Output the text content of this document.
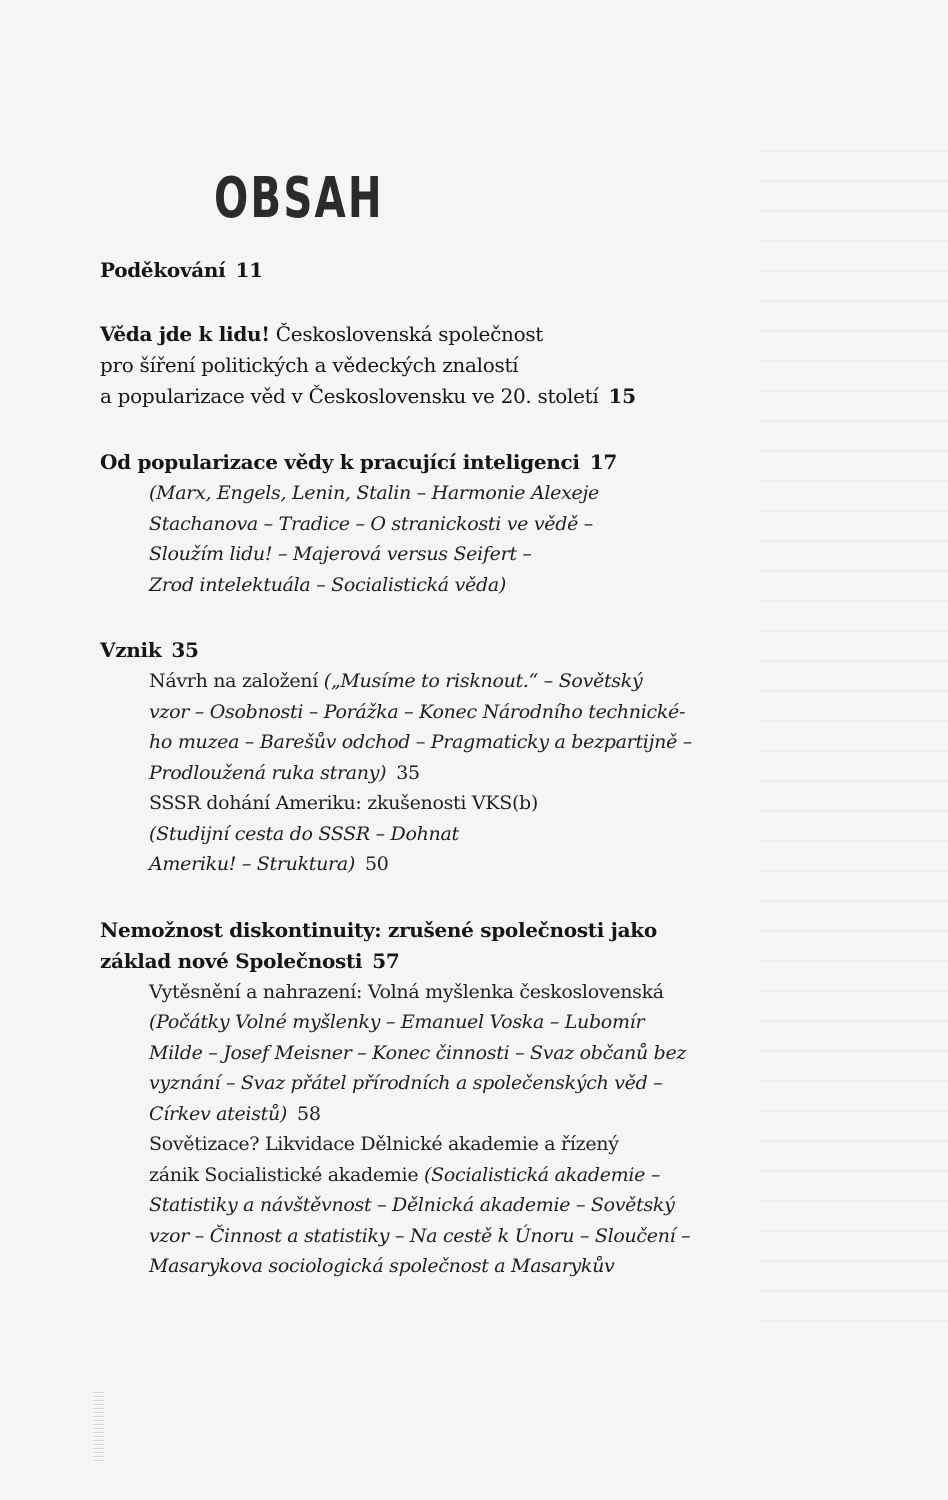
OBSAH
Poděkování 11
Věda jde k lidu! Československá společnost
pro šíření politických a vědeckých znalostí
a popularizace věd v Československu ve 20. století 15
Od popularizace vědy k pracující inteligenci 17
(Marx, Engels, Lenin, Stalin – Harmonie Alexeje
Stachanova – Tradice – O stranickosti ve vědě –
Sloužím lidu! – Majerová versus Seifert –
Zrod intelektuála – Socialistická věda)
Vznik 35
Návrh na založení („Musíme to risknout.“ – Sovětský
vzor – Osobnosti – Porážka – Konec Národního technické-
ho muzea – Barešův odchod – Pragmaticky a bezpartijně –
Prodloužená ruka strany) 35
SSSR dohání Ameriku: zkušenosti VKS(b)
(Studijní cesta do SSSR – Dohnat
Ameriku! – Struktura) 50
Nemožnost diskontinuity: zrušené společnosti jako
základ nové Společnosti 57
Vytěsnění a nahrazení: Volná myšlenka československá
(Počátky Volné myšlenky – Emanuel Voska – Lubomír
Milde – Josef Meisner – Konec činnosti – Svaz občanů bez
vyznání – Svaz přátel přírodních a společenských věd –
Církev ateistů) 58
Sovětizace? Likvidace Dělnické akademie a řízený
zánik Socialistické akademie (Socialistická akademie –
Statistiky a návštěvnost – Dělnická akademie – Sovětský
vzor – Činnost a statistiky – Na cestě k Únoru – Sloučení –
Masarykova sociologická společnost a Masarykův
